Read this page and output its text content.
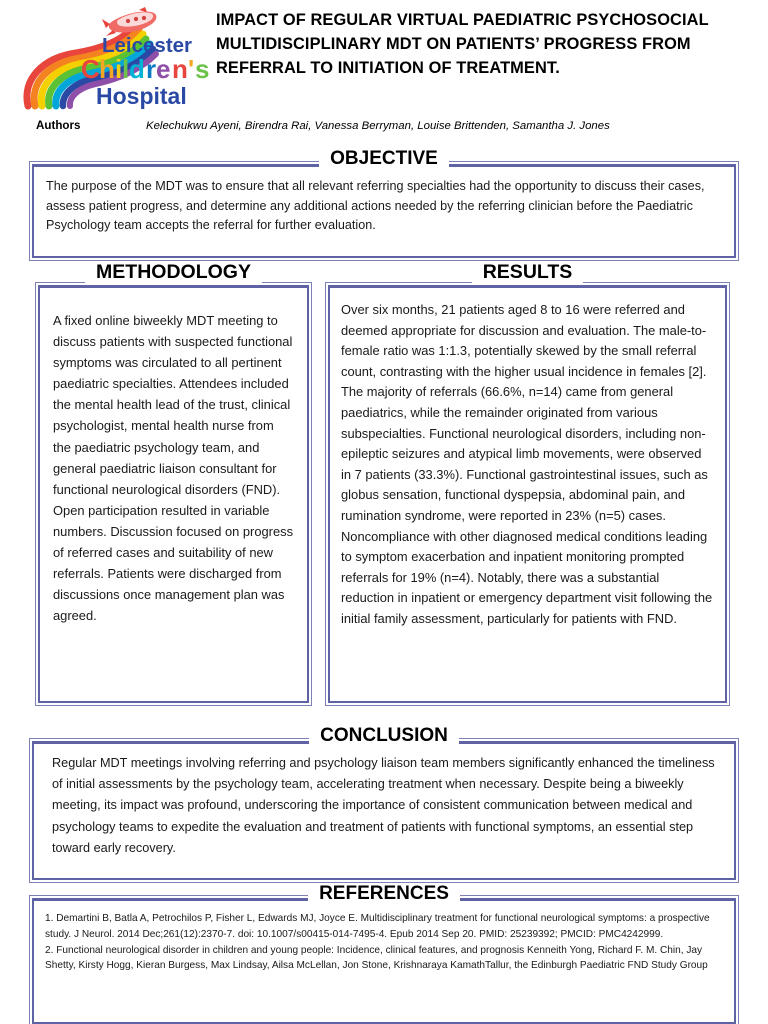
Leicester
C h i l d r e n ' s
Hospital
IMPACT OF REGULAR VIRTUAL PAEDIATRIC PSYCHOSOCIAL MULTIDISCIPLINARY MDT ON PATIENTS’ PROGRESS FROM REFERRAL TO INITIATION OF TREATMENT.
Authors	Kelechukwu Ayeni, Birendra Rai, Vanessa Berryman, Louise Brittenden, Samantha J. Jones
The purpose of the MDT was to ensure that all relevant referring specialties had the opportunity to discuss their cases, assess patient progress, and determine any additional actions needed by the referring clinician before the Paediatric Psychology team accepts the referral for further evaluation.
OBJECTIVE
A fixed online biweekly MDT meeting to discuss patients with suspected functional symptoms was circulated to all pertinent paediatric specialties. Attendees included the mental health lead of the trust, clinical psychologist, mental health nurse from the paediatric psychology team, and general paediatric liaison consultant for functional neurological disorders (FND). Open participation resulted in variable numbers. Discussion focused on progress of referred cases and suitability of new referrals. Patients were discharged from discussions once management plan was agreed.
METHODOLOGY
Over six months, 21 patients aged 8 to 16 were referred and deemed appropriate for discussion and evaluation. The male-to-female ratio was 1:1.3, potentially skewed by the small referral count, contrasting with the higher usual incidence in females [2]. The majority of referrals (66.6%, n=14) came from general paediatrics, while the remainder originated from various subspecialties. Functional neurological disorders, including non-epileptic seizures and atypical limb movements, were observed in 7 patients (33.3%). Functional gastrointestinal issues, such as globus sensation, functional dyspepsia, abdominal pain, and rumination syndrome, were reported in 23% (n=5) cases.
Noncompliance with other diagnosed medical conditions leading to symptom exacerbation and inpatient monitoring prompted referrals for 19% (n=4). Notably, there was a substantial reduction in inpatient or emergency department visit following the initial family assessment, particularly for patients with FND.
RESULTS
Regular MDT meetings involving referring and psychology liaison team members significantly enhanced the timeliness of initial assessments by the psychology team, accelerating treatment when necessary. Despite being a biweekly meeting, its impact was profound, underscoring the importance of consistent communication between medical and psychology teams to expedite the evaluation and treatment of patients with functional symptoms, an essential step toward early recovery.
CONCLUSION
1. Demartini B, Batla A, Petrochilos P, Fisher L, Edwards MJ, Joyce E. Multidisciplinary treatment for functional neurological symptoms: a prospective study. J Neurol. 2014 Dec;261(12):2370-7. doi: 10.1007/s00415-014-7495-4. Epub 2014 Sep 20. PMID: 25239392; PMCID: PMC4242999.
2. Functional neurological disorder in children and young people: Incidence, clinical features, and prognosis Kenneith Yong, Richard F. M. Chin, Jay Shetty, Kirsty Hogg, Kieran Burgess, Max Lindsay, Ailsa McLellan, Jon Stone, Krishnaraya KamathTallur, the Edinburgh Paediatric FND Study Group
REFERENCES
